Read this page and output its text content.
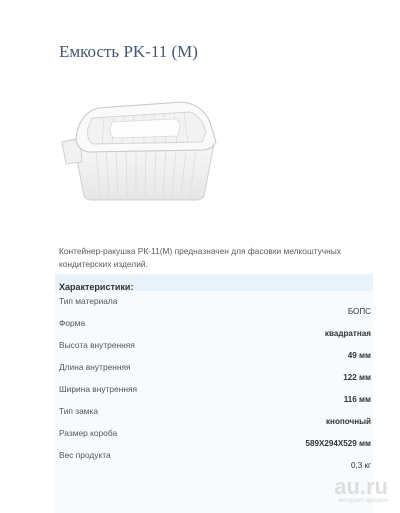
Емкость PK-11 (M)
Контейнер-ракушка РК-11(М) предназначен для фасовки мелкоштучных кондитерских изделий.
Характеристики:
Тип материала
БОПС
Форма
квадратная
Высота внутренняя
49 мм
Длина внутренняя
122 мм
Ширина внутренняя
116 мм
Тип замка
кнопочный
Размер короба
589Х294Х529 мм
Вес продукта
0,3 кг
au.ru
интернет-аукцион
